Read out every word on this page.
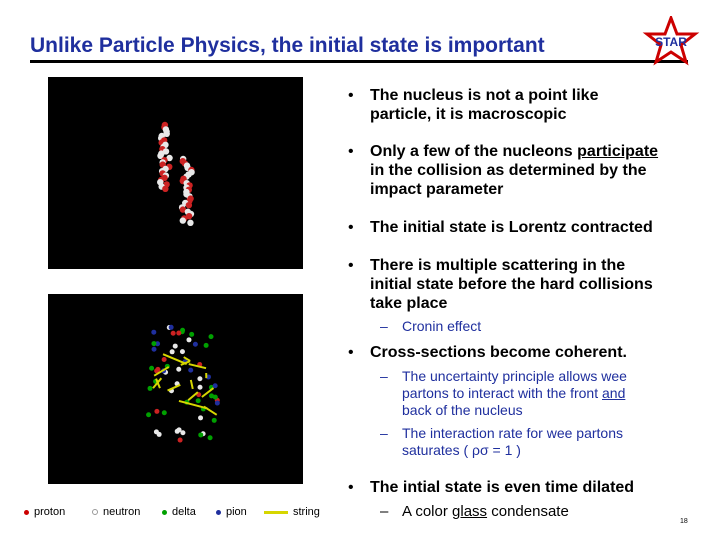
Unlike Particle Physics, the initial state is important	STAR
• The nucleus is not a point like
particle, it is macroscopic
• Only a few of the nucleons participate
in the collision as determined by the
impact parameter
• The initial state is Lorentz contracted
• There is multiple scattering in the
initial state before the hard collisions
take place
– Cronin effect
• Cross-sections become coherent.
– The uncertainty principle allows wee
partons to interact with the front and
back of the nucleus
– The interaction rate for wee partons
saturates ( ρσ = 1 )
• The intial state is even time dilated
– A color glass condensate
proton	neutron	delta	pion	string
18
